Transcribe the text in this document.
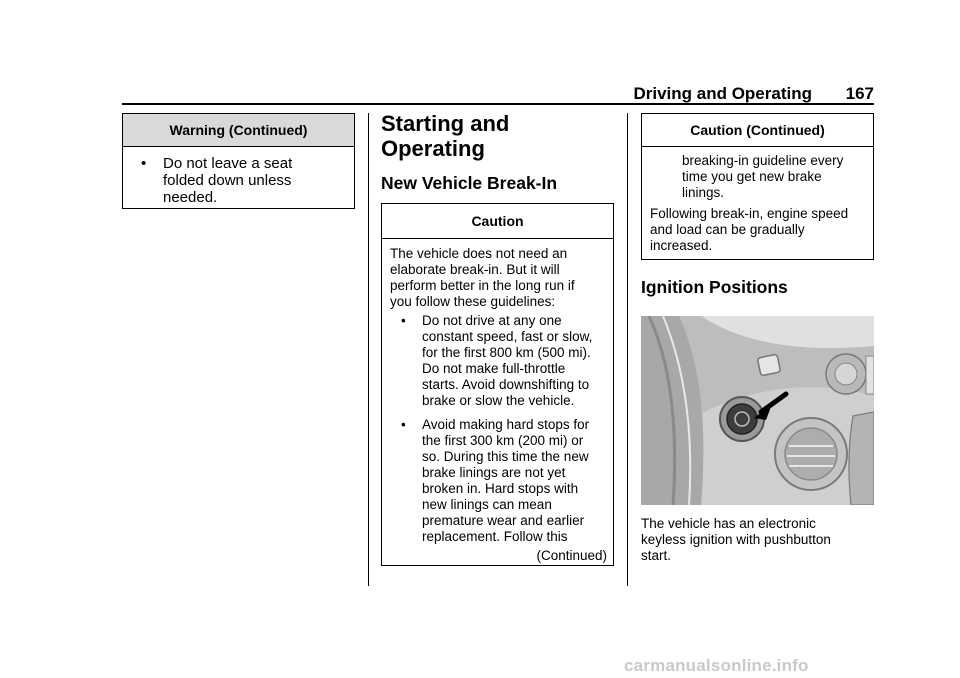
Driving and Operating 167
Warning (Continued)
• Do not leave a seat
folded down unless
needed.
Starting and
Operating
New Vehicle Break-In
Caution
The vehicle does not need an
elaborate break-in. But it will
perform better in the long run if
you follow these guidelines:
• Do not drive at any one
constant speed, fast or slow,
for the first 800 km (500 mi).
Do not make full-throttle
starts. Avoid downshifting to
brake or slow the vehicle.
• Avoid making hard stops for
the first 300 km (200 mi) or
so. During this time the new
brake linings are not yet
broken in. Hard stops with
new linings can mean
premature wear and earlier
replacement. Follow this
(Continued)
Caution (Continued)
breaking-in guideline every
time you get new brake
linings.
Following break-in, engine speed
and load can be gradually
increased.
Ignition Positions
The vehicle has an electronic
keyless ignition with pushbutton
start.
carmanualsonline.info
